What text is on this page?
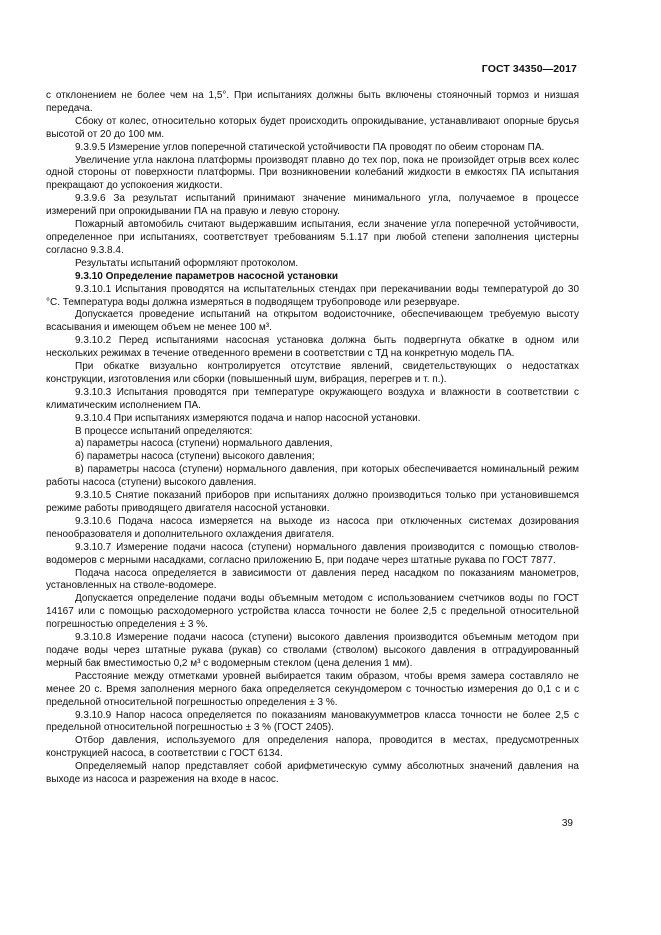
ГОСТ 34350—2017

с отклонением не более чем на 1,5°. При испытаниях должны быть включены стояночный тормоз и низшая передача.

Сбоку от колес, относительно которых будет происходить опрокидывание, устанавливают опорные брусья высотой от 20 до 100 мм.

9.3.9.5 Измерение углов поперечной статической устойчивости ПА проводят по обеим сторонам ПА.

Увеличение угла наклона платформы производят плавно до тех пор, пока не произойдет отрыв всех колес одной стороны от поверхности платформы. При возникновении колебаний жидкости в емкостях ПА испытания прекращают до успокоения жидкости.

9.3.9.6 За результат испытаний принимают значение минимального угла, получаемое в процессе измерений при опрокидывании ПА на правую и левую сторону.

Пожарный автомобиль считают выдержавшим испытания, если значение угла поперечной устойчивости, определенное при испытаниях, соответствует требованиям 5.1.17 при любой степени заполнения цистерны согласно 9.3.8.4.

Результаты испытаний оформляют протоколом.

9.3.10 Определение параметров насосной установки

9.3.10.1 Испытания проводятся на испытательных стендах при перекачивании воды температурой до 30 °С. Температура воды должна измеряться в подводящем трубопроводе или резервуаре.

Допускается проведение испытаний на открытом водоисточнике, обеспечивающем требуемую высоту всасывания и имеющем объем не менее 100 м³.

9.3.10.2 Перед испытаниями насосная установка должна быть подвергнута обкатке в одном или нескольких режимах в течение отведенного времени в соответствии с ТД на конкретную модель ПА.

При обкатке визуально контролируется отсутствие явлений, свидетельствующих о недостатках конструкции, изготовления или сборки (повышенный шум, вибрация, перегрев и т. п.).

9.3.10.3 Испытания проводятся при температуре окружающего воздуха и влажности в соответствии с климатическим исполнением ПА.

9.3.10.4 При испытаниях измеряются подача и напор насосной установки.

В процессе испытаний определяются:

а) параметры насоса (ступени) нормального давления,

б) параметры насоса (ступени) высокого давления;

в) параметры насоса (ступени) нормального давления, при которых обеспечивается номинальный режим работы насоса (ступени) высокого давления.

9.3.10.5 Снятие показаний приборов при испытаниях должно производиться только при установившемся режиме работы приводящего двигателя насосной установки.

9.3.10.6 Подача насоса измеряется на выходе из насоса при отключенных системах дозирования пенообразователя и дополнительного охлаждения двигателя.

9.3.10.7 Измерение подачи насоса (ступени) нормального давления производится с помощью стволов-водомеров с мерными насадками, согласно приложению Б, при подаче через штатные рукава по ГОСТ 7877.

Подача насоса определяется в зависимости от давления перед насадком по показаниям манометров, установленных на стволе-водомере.

Допускается определение подачи воды объемным методом с использованием счетчиков воды по ГОСТ 14167 или с помощью расходомерного устройства класса точности не более 2,5 с предельной относительной погрешностью определения ± 3 %.

9.3.10.8 Измерение подачи насоса (ступени) высокого давления производится объемным методом при подаче воды через штатные рукава (рукав) со стволами (стволом) высокого давления в отградуированный мерный бак вместимостью 0,2 м³ с водомерным стеклом (цена деления 1 мм).

Расстояние между отметками уровней выбирается таким образом, чтобы время замера составляло не менее 20 с. Время заполнения мерного бака определяется секундомером с точностью измерения до 0,1 с и с предельной относительной погрешностью определения ± 3 %.

9.3.10.9 Напор насоса определяется по показаниям мановакуумметров класса точности не более 2,5 с предельной относительной погрешностью ± 3 % (ГОСТ 2405).

Отбор давления, используемого для определения напора, проводится в местах, предусмотренных конструкцией насоса, в соответствии с ГОСТ 6134.

Определяемый напор представляет собой арифметическую сумму абсолютных значений давления на выходе из насоса и разрежения на входе в насос.

39
